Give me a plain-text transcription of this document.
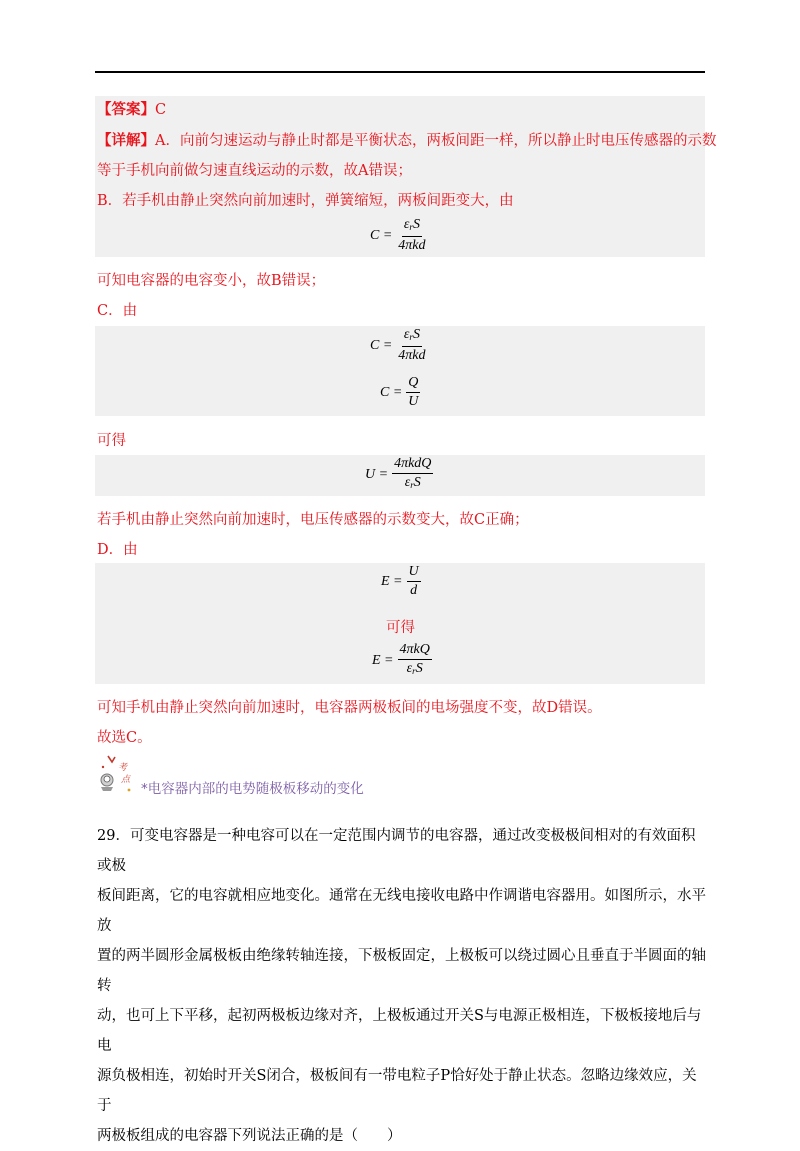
【答案】C
【详解】A．向前匀速运动与静止时都是平衡状态，两板间距一样，所以静止时电压传感器的示数
等于手机向前做匀速直线运动的示数，故A错误；
B．若手机由静止突然向前加速时，弹簧缩短，两板间距变大，由
$C = \frac{\varepsilon_rS}{\text{4πkd}}$
可知电容器的电容变小，故B错误；
C．由
$C = \frac{\varepsilon_rS}{\text{4πkd}}$
$C = \frac{Q}{U}$
可得
$U = \frac{\text{4πkdQ}}{\varepsilon_rS}$
若手机由静止突然向前加速时，电压传感器的示数变大，故C正确；
D．由
$E = \frac{U}{d}$
可得
$E = \frac{\text{4πkQ}}{\varepsilon_rS}$
可知手机由静止突然向前加速时，电容器两极板间的电场强度不变，故D错误。
故选C。
考
点
*电容器内部的电势随极板移动的变化
29．可变电容器是一种电容可以在一定范围内调节的电容器，通过改变极极间相对的有效面积或极
板间距离，它的电容就相应地变化。通常在无线电接收电路中作调谐电容器用。如图所示，水平放
置的两半圆形金属极板由绝缘转轴连接，下极板固定，上极板可以绕过圆心且垂直于半圆面的轴转
动，也可上下平移，起初两极板边缘对齐，上极板通过开关S与电源正极相连，下极板接地后与电
源负极相连，初始时开关S闭合，极板间有一带电粒子P恰好处于静止状态。忽略边缘效应，关于
两极板组成的电容器下列说法正确的是（　　）
